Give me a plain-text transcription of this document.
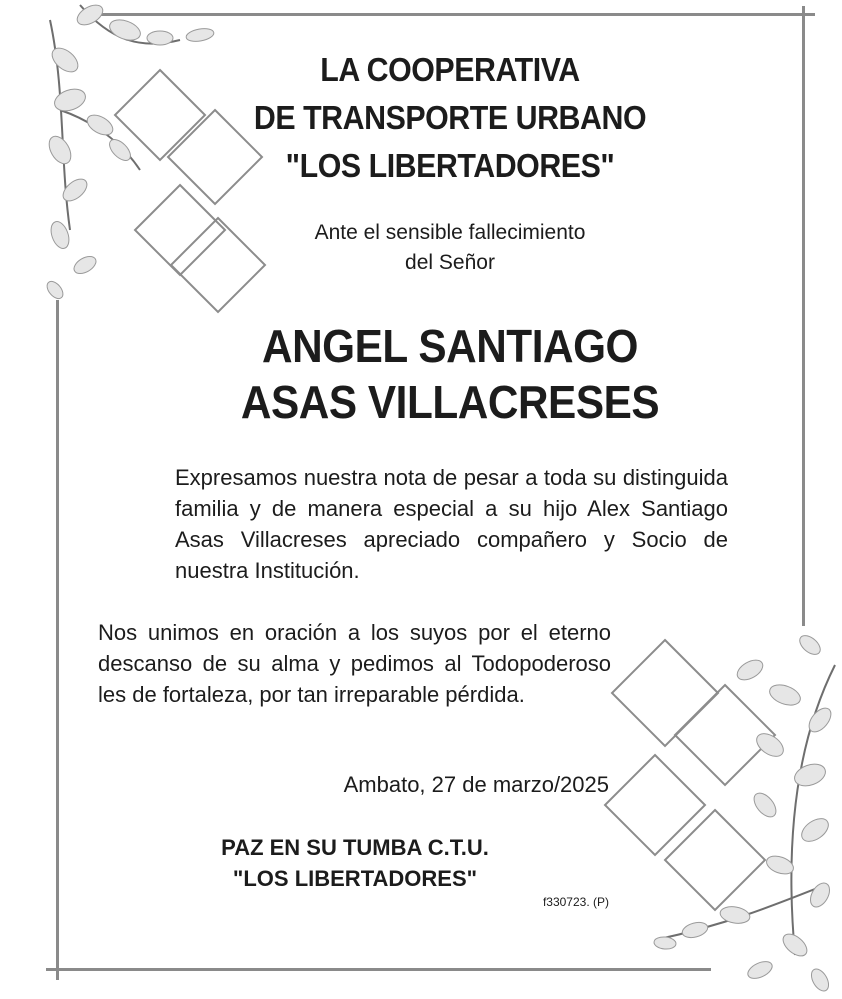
LA COOPERATIVA
DE TRANSPORTE URBANO
"LOS LIBERTADORES"
Ante el sensible fallecimiento
del Señor
ANGEL SANTIAGO
ASAS VILLACRESES
Expresamos nuestra nota de pesar a toda su distinguida familia y de manera especial a su hijo Alex Santiago Asas Villacreses apreciado compañero y Socio de nuestra Institución.
Nos unimos en oración a los suyos por el eterno descanso de su alma y pedimos al Todopoderoso les de fortaleza, por tan irreparable pérdida.
Ambato, 27 de marzo/2025
PAZ EN SU TUMBA C.T.U.
"LOS LIBERTADORES"
f330723. (P)
